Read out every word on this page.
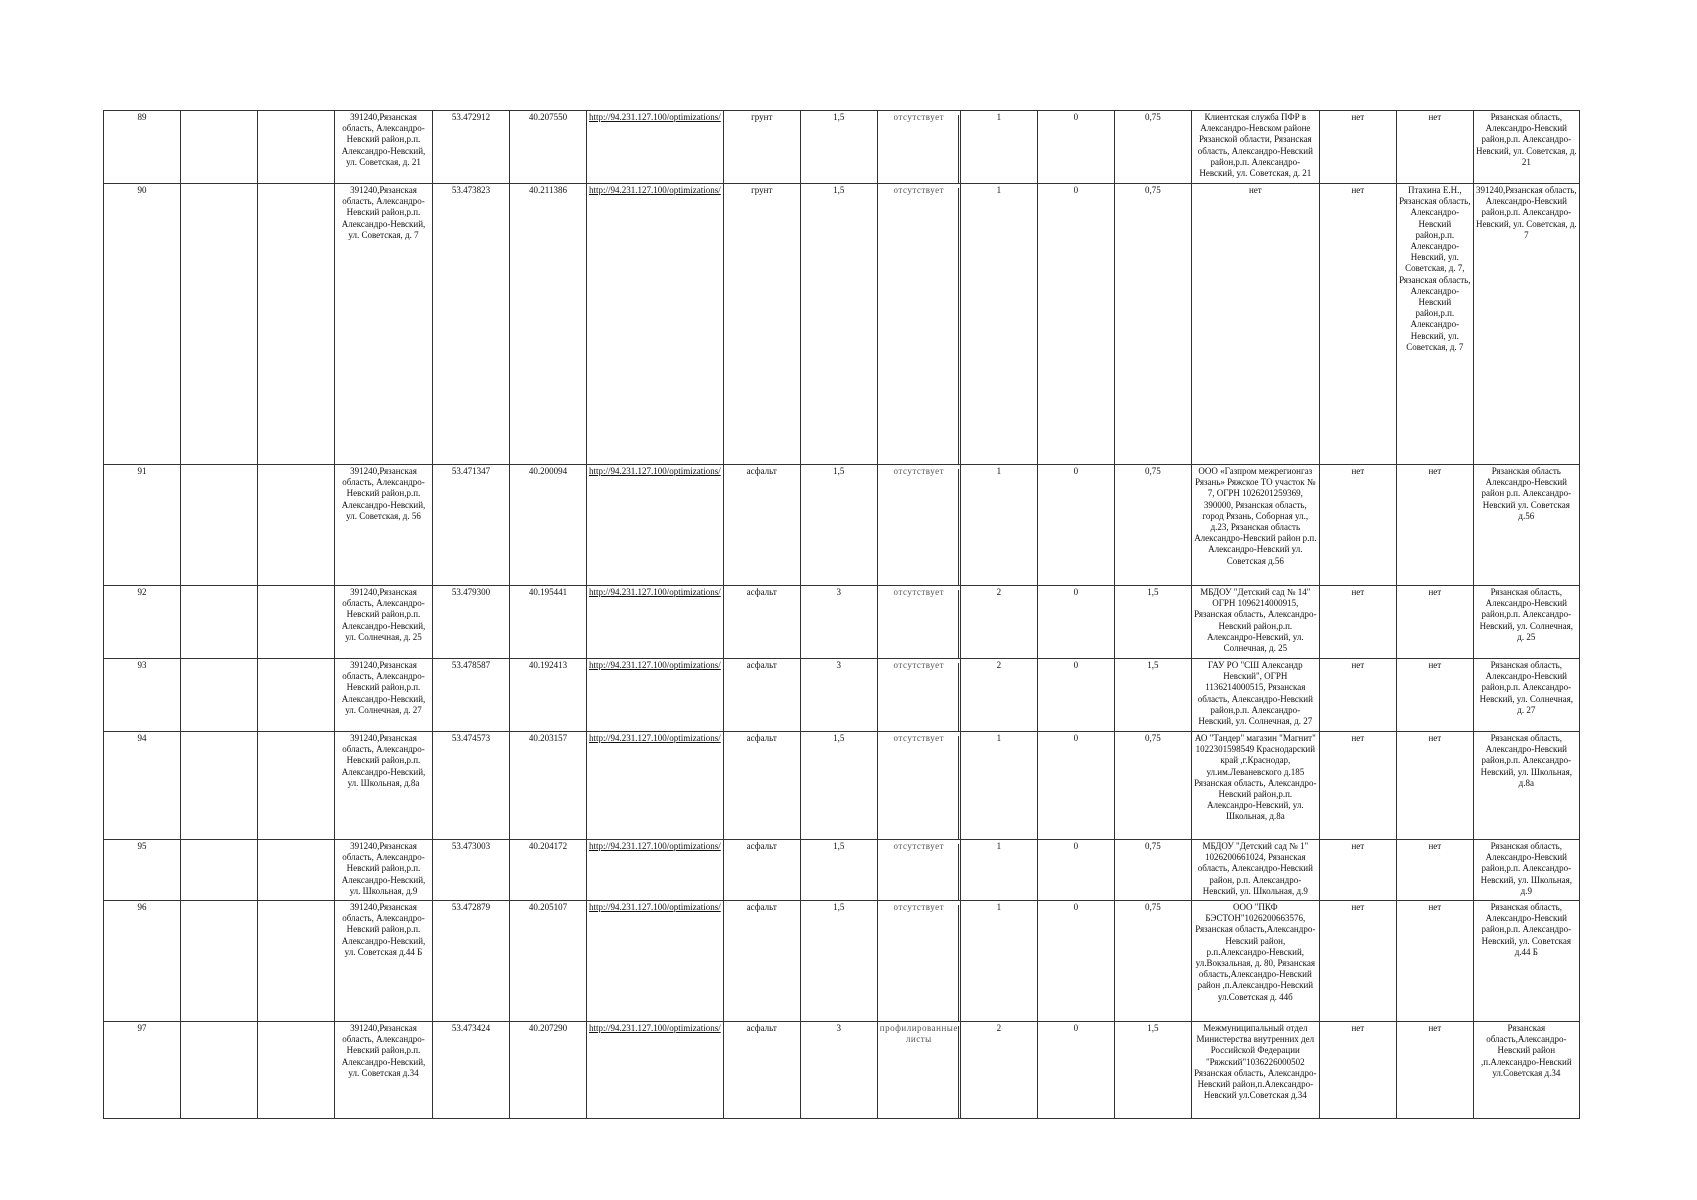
89			391240,Рязанская область, Александро-Невский район,р.п. Александро-Невский, ул. Советская, д. 21	53.472912	40.207550	http://94.231.127.100/optimizations/	грунт	1,5	отсутствует	1	0	0,75	Клиентская служба ПФР в Александро-Невском районе Рязанской области, Рязанская область, Александро-Невский район,р.п. Александро-Невский, ул. Советская, д. 21	нет	нет	Рязанская область, Александро-Невский район,р.п. Александро-Невский, ул. Советская, д. 21
90			391240,Рязанская область, Александро-Невский район,р.п. Александро-Невский, ул. Советская, д. 7	53.473823	40.211386	http://94.231.127.100/optimizations/	грунт	1,5	отсутствует	1	0	0,75	нет	нет	Птахина Е.Н., Рязанская область, Александро-Невский район,р.п. Александро-Невский, ул. Советская, д. 7, Рязанская область, Александро-Невский район,р.п. Александро-Невский, ул. Советская, д. 7	391240,Рязанская область, Александро-Невский район,р.п. Александро-Невский, ул. Советская, д. 7
91			391240,Рязанская область, Александро-Невский район,р.п. Александро-Невский, ул. Советская, д. 56	53.471347	40.200094	http://94.231.127.100/optimizations/	асфальт	1,5	отсутствует	1	0	0,75	ООО «Газпром межрегионгаз Рязань» Ряжское ТО участок № 7, ОГРН 1026201259369, 390000, Рязанская область, город Рязань, Соборная ул., д.23, Рязанская область Александро-Невский район р.п. Александро-Невский ул. Советская д.56	нет	нет	Рязанская область Александро-Невский район р.п. Александро-Невский ул. Советская д.56
92			391240,Рязанская область, Александро-Невский район,р.п. Александро-Невский, ул. Солнечная, д. 25	53.479300	40.195441	http://94.231.127.100/optimizations/	асфальт	3	отсутствует	2	0	1,5	МБДОУ "Детский сад № 14" ОГРН 1096214000915, Рязанская область, Александро-Невский район,р.п. Александро-Невский, ул. Солнечная, д. 25	нет	нет	Рязанская область, Александро-Невский район,р.п. Александро-Невский, ул. Солнечная, д. 25
93			391240,Рязанская область, Александро-Невский район,р.п. Александро-Невский, ул. Солнечная, д. 27	53.478587	40.192413	http://94.231.127.100/optimizations/	асфальт	3	отсутствует	2	0	1,5	ГАУ РО "СШ Александр Невский", ОГРН 1136214000515, Рязанская область, Александро-Невский район,р.п. Александро-Невский, ул. Солнечная, д. 27	нет	нет	Рязанская область, Александро-Невский район,р.п. Александро-Невский, ул. Солнечная, д. 27
94			391240,Рязанская область, Александро-Невский район,р.п. Александро-Невский, ул. Школьная, д.8а	53.474573	40.203157	http://94.231.127.100/optimizations/	асфальт	1,5	отсутствует	1	0	0,75	АО "Тандер" магазин "Магнит" 1022301598549 Краснодарский край ,г.Краснодар, ул.им.Леваневского д.185 Рязанская область, Александро-Невский район,р.п. Александро-Невский, ул. Школьная, д.8а	нет	нет	Рязанская область, Александро-Невский район,р.п. Александро-Невский, ул. Школьная, д.8а
95			391240,Рязанская область, Александро-Невский район,р.п. Александро-Невский, ул. Школьная, д.9	53.473003	40.204172	http://94.231.127.100/optimizations/	асфальт	1,5	отсутствует	1	0	0,75	МБДОУ "Детский сад № 1" 1026200661024, Рязанская область, Александро-Невский район, р.п. Александро-Невский, ул. Школьная, д.9	нет	нет	Рязанская область, Александро-Невский район,р.п. Александро-Невский, ул. Школьная, д.9
96			391240,Рязанская область, Александро-Невский район,р.п. Александро-Невский, ул. Советская д.44 Б	53.472879	40.205107	http://94.231.127.100/optimizations/	асфальт	1,5	отсутствует	1	0	0,75	ООО "ПКФ БЭСТОН"1026200663576, Рязанская область,Александро-Невский район, р.п.Александро-Невский, ул.Вокзальная, д. 80, Рязанская область,Александро-Невский район ,п.Александро-Невский ул.Советская д. 44б	нет	нет	Рязанская область, Александро-Невский район,р.п. Александро-Невский, ул. Советская д.44 Б
97			391240,Рязанская область, Александро-Невский район,р.п. Александро-Невский, ул. Советская д.34	53.473424	40.207290	http://94.231.127.100/optimizations/	асфальт	3	профилированные листы	2	0	1,5	Межмуниципальный отдел Министерства внутренних дел Российской Федерации "Ряжский"1036226000502 Рязанская область, Александро-Невский район,п.Александро-Невский ул.Советская д.34	нет	нет	Рязанская область,Александро-Невский район ,п.Александро-Невский ул.Советская д.34
